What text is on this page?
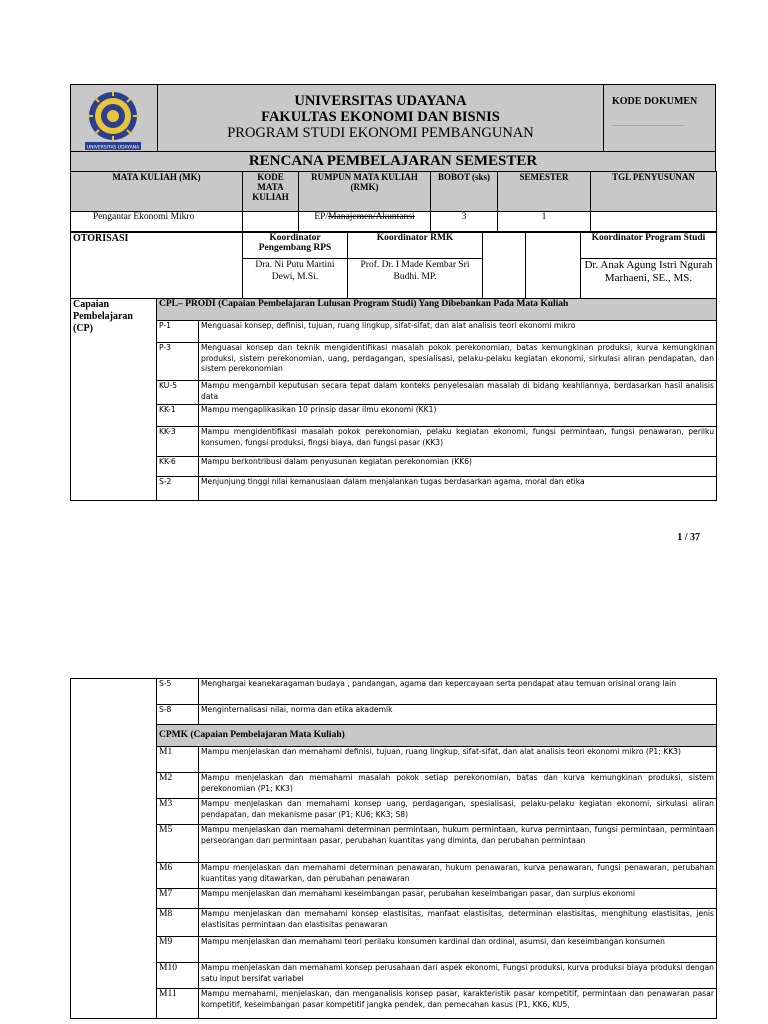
UNIVERSITAS UDAYANA
UNIVERSITAS UDAYANA
FAKULTAS EKONOMI DAN BISNIS
PROGRAM STUDI EKONOMI PEMBANGUNAN
KODE DOKUMEN
………………………………
RENCANA PEMBELAJARAN SEMESTER
MATA KULIAH (MK)	KODE MATA KULIAH	RUMPUN MATA KULIAH (RMK)	BOBOT (sks)	SEMESTER	TGL PENYUSUNAN
Pengantar Ekonomi Mikro		EP/Manajemen/Akuntansi	3	1	
OTORISASI	Koordinator Pengembang RPS	Koordinator RMK			Koordinator Program Studi
	Dra. Ni Putu Martini Dewi, M.Si.	Prof. Dr. I Made Kembar Sri Budhi. MP.			Dr. Anak Agung Istri Ngurah Marhaeni, SE., MS.
Capaian Pembelajaran (CP)	CPL– PRODI (Capaian Pembelajaran Lulusan Program Studi) Yang Dibebankan Pada Mata Kuliah	
	P-1	Menguasai konsep, definisi, tujuan, ruang lingkup, sifat-sifat, dan alat analisis teori ekonomi mikro
	P-3	Menguasai konsep dan teknik mengidentifikasi masalah pokok perekonomian, batas kemungkinan produksi, kurva kemungkinan produksi, sistem perekonomian, uang, perdagangan, spesialisasi, pelaku-pelaku kegiatan ekonomi, sirkulasi aliran pendapatan, dan sistem perekonomian
	KU-5	Mampu mengambil keputusan secara tepat dalam konteks penyelesaian masalah di bidang keahliannya, berdasarkan hasil analisis data
	KK-1	Mampu mengaplikasikan 10 prinsip dasar ilmu ekonomi (KK1)
	KK-3	Mampu mengidentifikasi masalah pokok perekonomian, pelaku kegiatan ekonomi, fungsi permintaan, fungsi penawaran, perilku konsumen, fungsi produksi, fingsi biaya, dan fungsi pasar (KK3)
	KK-6	Mampu berkontribusi dalam penyusunan kegiatan perekonomian (KK6)
	S-2	Menjunjung tinggi nilai kemanusiaan dalam menjalankan tugas berdasarkan agama, moral dan etika
1 / 37
	S-5	Menghargai keanekaragaman budaya , pandangan, agama dan kepercayaan serta pendapat atau temuan orisinal orang lain
	S-8	Menginternalisasi nilai, norma dan etika akademik
	CPMK (Capaian Pembelajaran Mata Kuliah)	
	M1	Mampu menjelaskan dan memahami definisi, tujuan, ruang lingkup, sifat-sifat, dan alat analisis teori ekonomi mikro (P1; KK3)
	M2	Mampu menjelaskan dan memahami masalah pokok setiap perekonomian, batas dan kurva kemungkinan produksi, sistem perekonomian (P1; KK3)
	M3	Mampu menjelaskan dan memahami konsep uang, perdagangan, spesialisasi, pelaku-pelaku kegiatan ekonomi, sirkulasi aliran pendapatan, dan mekanisme pasar (P1; KU6; KK3; S8)
	M5	Mampu menjelaskan dan memahami determinan permintaan, hukum permintaan, kurva permintaan, fungsi permintaan, permintaan perseorangan dan permintaan pasar, perubahan kuantitas yang diminta, dan perubahan permintaan
	M6	Mampu menjelaskan dan memahami determinan penawaran, hukum penawaran, kurva penawaran, fungsi penawaran, perubahan kuantitas yang ditawarkan, dan perubahan penawaran
	M7	Mampu menjelaskan dan memahami keseimbangan pasar, perubahan keseimbangan pasar, dan surplus ekonomi
	M8	Mampu menjelaskan dan memahami konsep elastisitas, manfaat elastisitas, determinan elastisitas, menghitung elastisitas, jenis elastisitas permintaan dan elastisitas penawaran
	M9	Mampu menjelaskan dan memahami teori perilaku konsumen kardinal dan ordinal, asumsi, dan keseimbangan konsumen
	M10	Mampu menjelaskan dan memahami konsep perusahaan dari aspek ekonomi, Fungsi produksi, kurva produksi biaya produksi dengan satu input bersifat variabel
	M11	Mampu memahami, menjelaskan, dan menganalisis konsep pasar, karakteristik pasar kompetitif, permintaan dan penawaran pasar kompetitif, keseimbangan pasar kompetitif jangka pendek, dan pemecahan kasus (P1, KK6, KU5,
